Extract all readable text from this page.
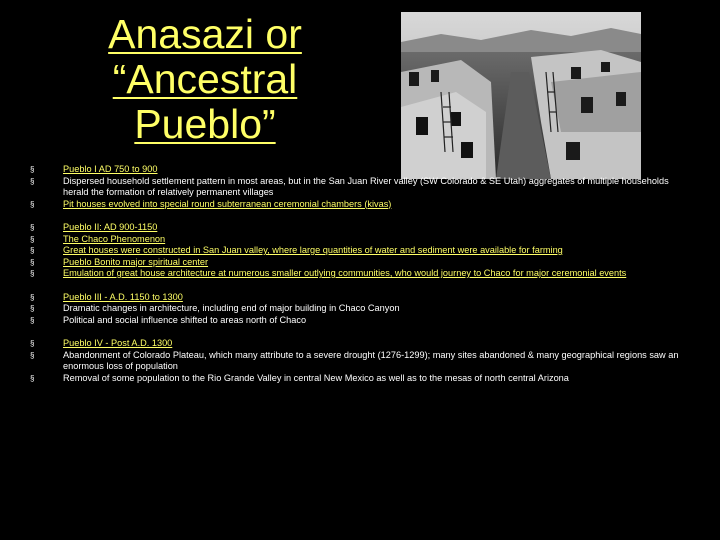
Anasazi or
“Ancestral
Pueblo”
§	Pueblo I AD 750 to 900
§	Dispersed household settlement pattern in most areas, but in the San Juan River valley (SW Colorado & SE Utah) aggregates of multiple households herald the formation of relatively permanent villages
§	Pit houses evolved into special round subterranean ceremonial chambers (kivas)
§	Pueblo II: AD 900-1150
§	The Chaco Phenomenon
§	Great houses were constructed in San Juan valley, where large quantities of water and sediment were available for farming
§	Pueblo Bonito major spiritual center
§	Emulation of great house architecture at numerous smaller outlying communities, who would journey to Chaco for major ceremonial events
§	Pueblo III - A.D. 1150 to 1300
§	Dramatic changes in architecture, including end of major building in Chaco Canyon
§	Political and social influence shifted to areas north of Chaco
§	Pueblo IV - Post A.D. 1300
§	Abandonment of Colorado Plateau, which many attribute to a severe drought (1276-1299); many sites abandoned & many geographical regions saw an enormous loss of population
§	Removal of some population to the Rio Grande Valley in central New Mexico as well as to the mesas of north central Arizona
